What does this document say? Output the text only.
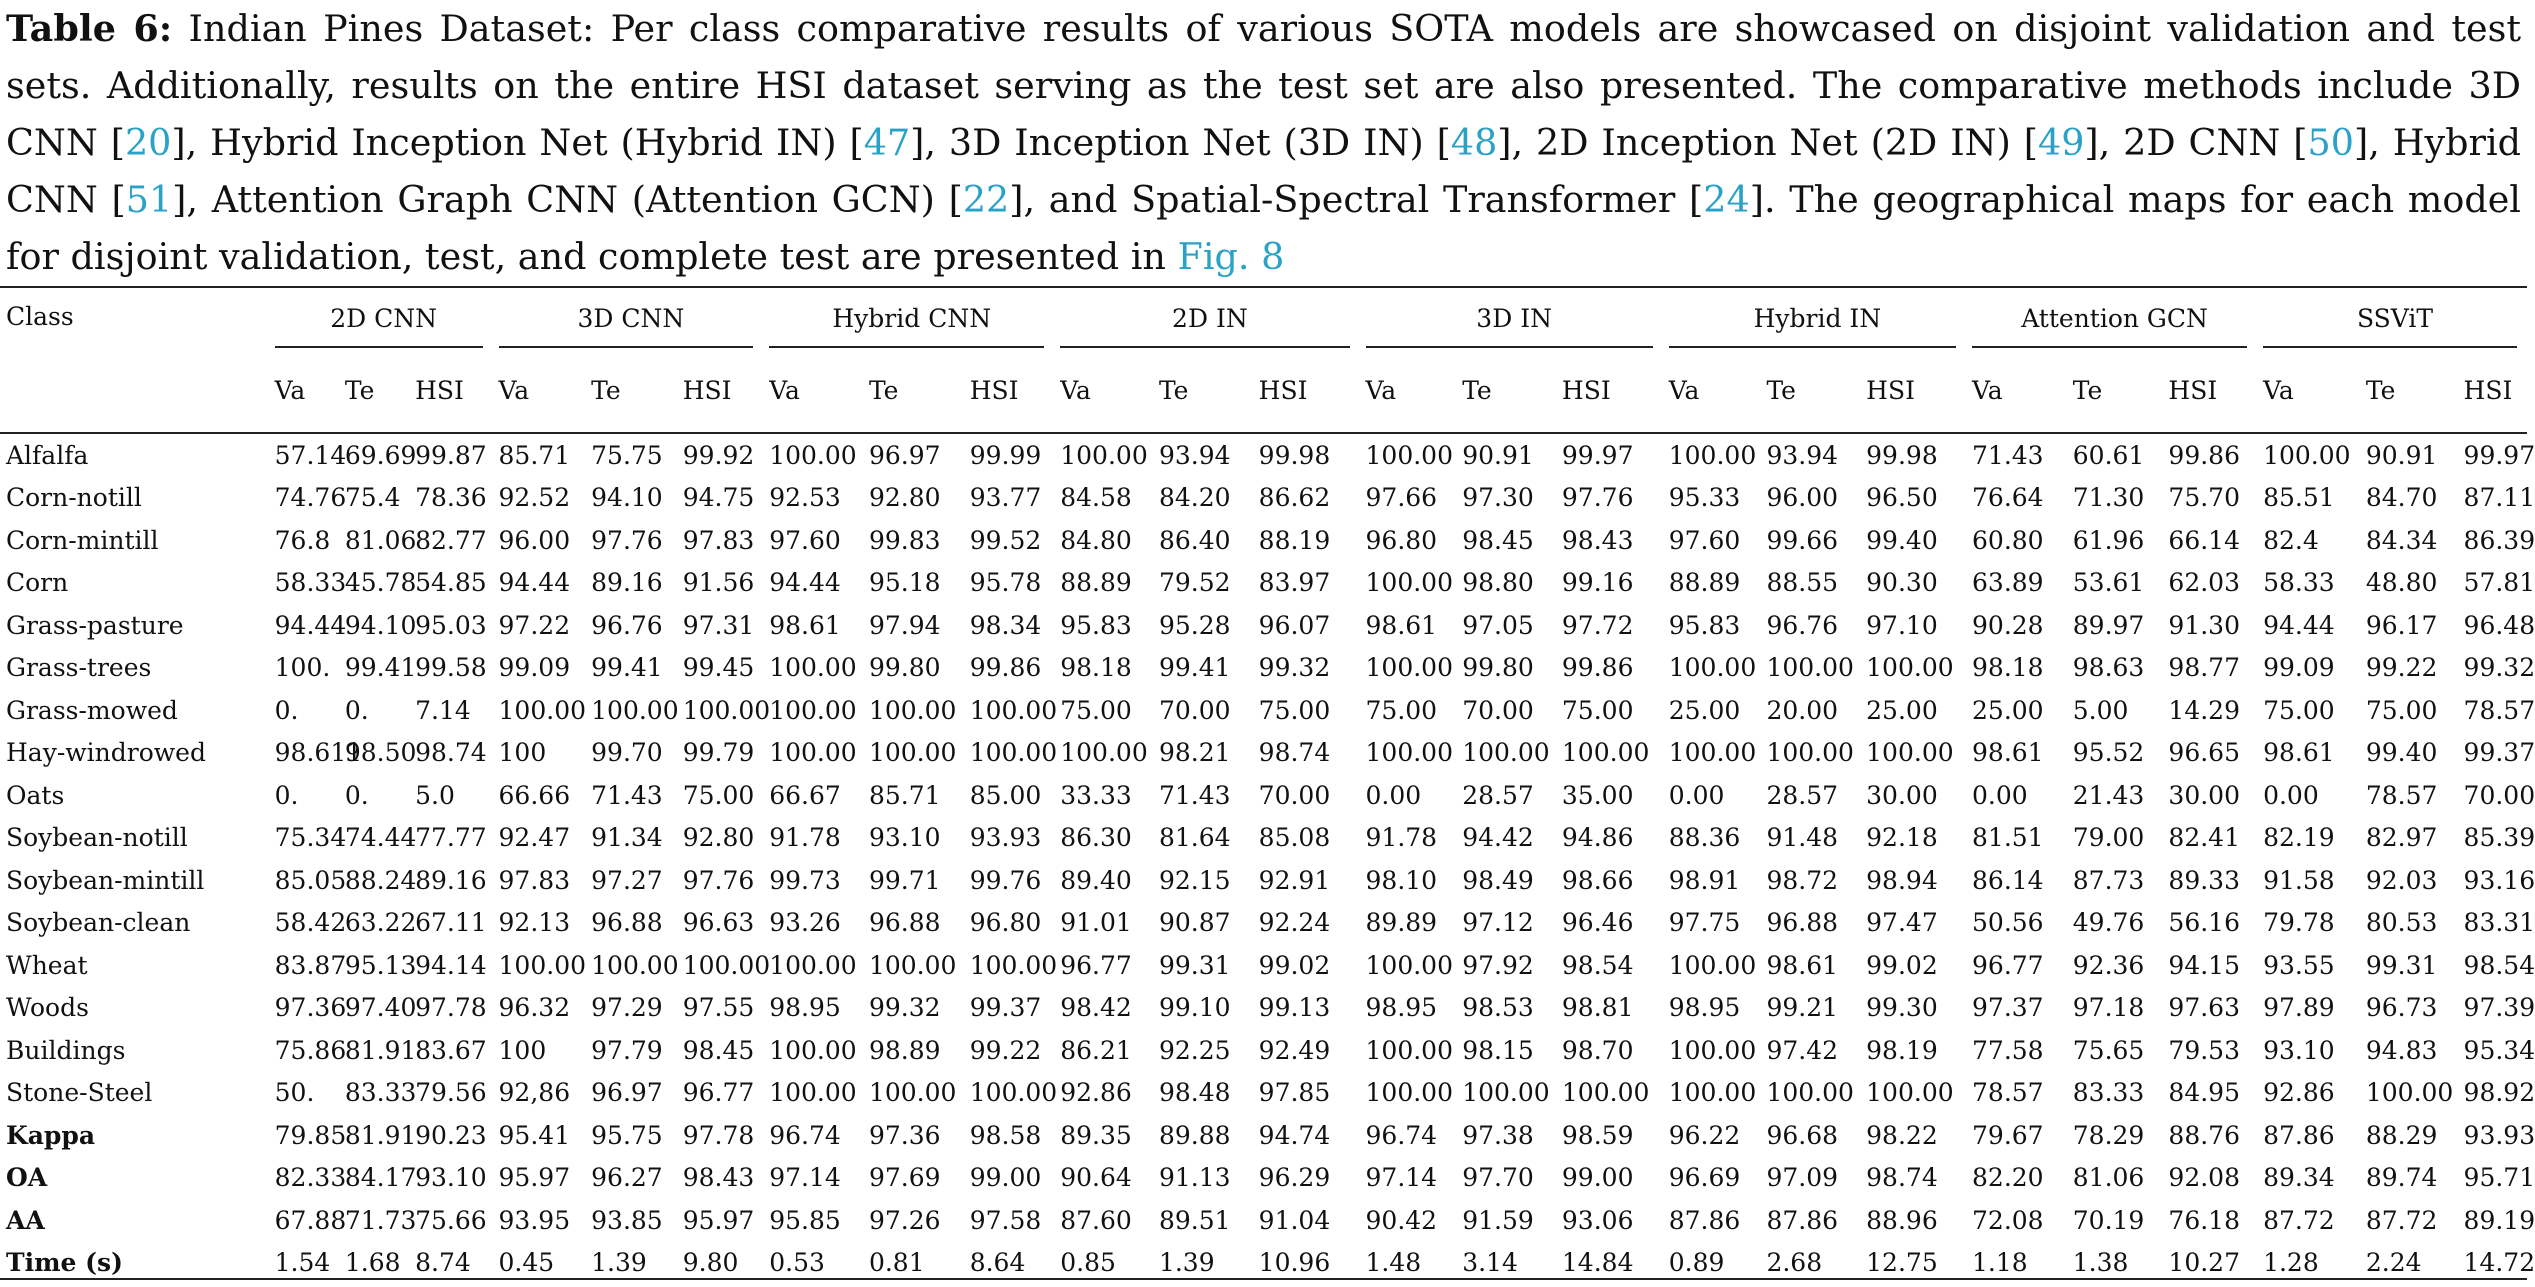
Table 6: Indian Pines Dataset: Per class comparative results of various SOTA models are showcased on disjoint validation and test sets. Additionally, results on the entire HSI dataset serving as the test set are also presented. The comparative methods include 3D CNN [20], Hybrid Inception Net (Hybrid IN) [47], 3D Inception Net (3D IN) [48], 2D Inception Net (2D IN) [49], 2D CNN [50], Hybrid CNN [51], Attention Graph CNN (Attention GCN) [22], and Spatial-Spectral Transformer [24]. The geographical maps for each model for disjoint validation, test, and complete test are presented in Fig. 8
Class	2D CNN			3D CNN			Hybrid CNN			2D IN			3D IN			Hybrid IN			Attention GCN			SSViT		

	Va	Te	HSI	Va	Te	HSI	Va	Te	HSI	Va	Te	HSI	Va	Te	HSI	Va	Te	HSI	Va	Te	HSI	Va	Te	HSI
Alfalfa	57.14	69.69	99.87	85.71	75.75	99.92	100.00	96.97	99.99	100.00	93.94	99.98	100.00	90.91	99.97	100.00	93.94	99.98	71.43	60.61	99.86	100.00	90.91	99.97
Corn-notill	74.76	75.4	78.36	92.52	94.10	94.75	92.53	92.80	93.77	84.58	84.20	86.62	97.66	97.30	97.76	95.33	96.00	96.50	76.64	71.30	75.70	85.51	84.70	87.11
Corn-mintill	76.8	81.06	82.77	96.00	97.76	97.83	97.60	99.83	99.52	84.80	86.40	88.19	96.80	98.45	98.43	97.60	99.66	99.40	60.80	61.96	66.14	82.4	84.34	86.39
Corn	58.33	45.78	54.85	94.44	89.16	91.56	94.44	95.18	95.78	88.89	79.52	83.97	100.00	98.80	99.16	88.89	88.55	90.30	63.89	53.61	62.03	58.33	48.80	57.81
Grass-pasture	94.44	94.10	95.03	97.22	96.76	97.31	98.61	97.94	98.34	95.83	95.28	96.07	98.61	97.05	97.72	95.83	96.76	97.10	90.28	89.97	91.30	94.44	96.17	96.48
Grass-trees	100.	99.41	99.58	99.09	99.41	99.45	100.00	99.80	99.86	98.18	99.41	99.32	100.00	99.80	99.86	100.00	100.00	100.00	98.18	98.63	98.77	99.09	99.22	99.32
Grass-mowed	0.	0.	7.14	100.00	100.00	100.00	100.00	100.00	100.00	75.00	70.00	75.00	75.00	70.00	75.00	25.00	20.00	25.00	25.00	5.00	14.29	75.00	75.00	78.57
Hay-windrowed	98.611	98.50	98.74	100	99.70	99.79	100.00	100.00	100.00	100.00	98.21	98.74	100.00	100.00	100.00	100.00	100.00	100.00	98.61	95.52	96.65	98.61	99.40	99.37
Oats	0.	0.	5.0	66.66	71.43	75.00	66.67	85.71	85.00	33.33	71.43	70.00	0.00	28.57	35.00	0.00	28.57	30.00	0.00	21.43	30.00	0.00	78.57	70.00
Soybean-notill	75.34	74.44	77.77	92.47	91.34	92.80	91.78	93.10	93.93	86.30	81.64	85.08	91.78	94.42	94.86	88.36	91.48	92.18	81.51	79.00	82.41	82.19	82.97	85.39
Soybean-mintill	85.05	88.24	89.16	97.83	97.27	97.76	99.73	99.71	99.76	89.40	92.15	92.91	98.10	98.49	98.66	98.91	98.72	98.94	86.14	87.73	89.33	91.58	92.03	93.16
Soybean-clean	58.42	63.22	67.11	92.13	96.88	96.63	93.26	96.88	96.80	91.01	90.87	92.24	89.89	97.12	96.46	97.75	96.88	97.47	50.56	49.76	56.16	79.78	80.53	83.31
Wheat	83.87	95.13	94.14	100.00	100.00	100.00	100.00	100.00	100.00	96.77	99.31	99.02	100.00	97.92	98.54	100.00	98.61	99.02	96.77	92.36	94.15	93.55	99.31	98.54
Woods	97.36	97.40	97.78	96.32	97.29	97.55	98.95	99.32	99.37	98.42	99.10	99.13	98.95	98.53	98.81	98.95	99.21	99.30	97.37	97.18	97.63	97.89	96.73	97.39
Buildings	75.86	81.91	83.67	100	97.79	98.45	100.00	98.89	99.22	86.21	92.25	92.49	100.00	98.15	98.70	100.00	97.42	98.19	77.58	75.65	79.53	93.10	94.83	95.34
Stone-Steel	50.	83.33	79.56	92,86	96.97	96.77	100.00	100.00	100.00	92.86	98.48	97.85	100.00	100.00	100.00	100.00	100.00	100.00	78.57	83.33	84.95	92.86	100.00	98.92
Kappa	79.85	81.91	90.23	95.41	95.75	97.78	96.74	97.36	98.58	89.35	89.88	94.74	96.74	97.38	98.59	96.22	96.68	98.22	79.67	78.29	88.76	87.86	88.29	93.93
OA	82.33	84.17	93.10	95.97	96.27	98.43	97.14	97.69	99.00	90.64	91.13	96.29	97.14	97.70	99.00	96.69	97.09	98.74	82.20	81.06	92.08	89.34	89.74	95.71
AA	67.88	71.73	75.66	93.95	93.85	95.97	95.85	97.26	97.58	87.60	89.51	91.04	90.42	91.59	93.06	87.86	87.86	88.96	72.08	70.19	76.18	87.72	87.72	89.19
Time (s)	1.54	1.68	8.74	0.45	1.39	9.80	0.53	0.81	8.64	0.85	1.39	10.96	1.48	3.14	14.84	0.89	2.68	12.75	1.18	1.38	10.27	1.28	2.24	14.72
